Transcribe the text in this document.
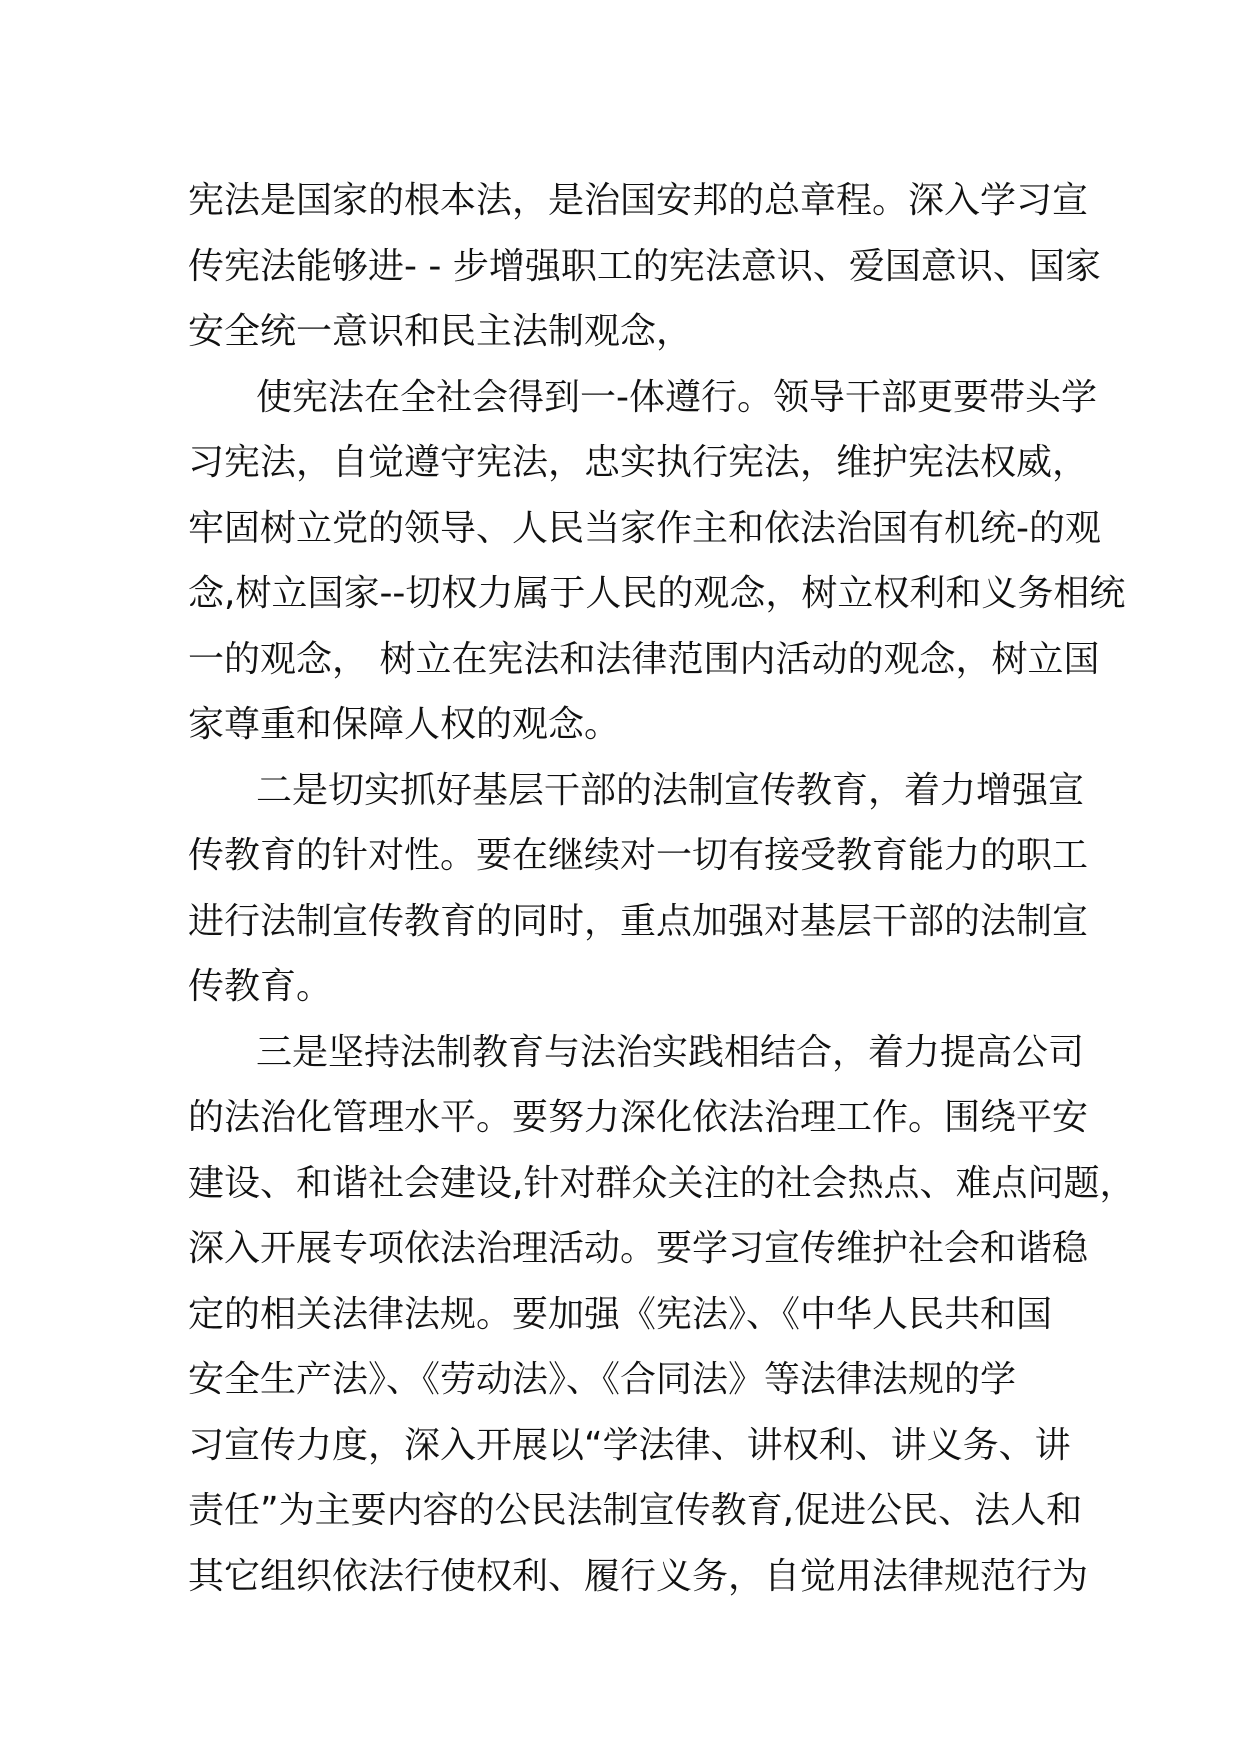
宪法是国家的根本法，是治国安邦的总章程。深入学习宣
传宪法能够进- - 步增强职工的宪法意识、爱国意识、国家
安全统一意识和民主法制观念，

使宪法在全社会得到一-体遵行。领导干部更要带头学
习宪法，自觉遵守宪法，忠实执行宪法，维护宪法权威，
牢固树立党的领导、人民当家作主和依法治国有机统-的观
念,树立国家--切权力属于人民的观念，树立权利和义务相统
一的观念， 树立在宪法和法律范围内活动的观念，树立国
家尊重和保障人权的观念。

二是切实抓好基层干部的法制宣传教育，着力增强宣
传教育的针对性。要在继续对一切有接受教育能力的职工
进行法制宣传教育的同时，重点加强对基层干部的法制宣
传教育。

三是坚持法制教育与法治实践相结合，着力提高公司
的法治化管理水平。要努力深化依法治理工作。围绕平安
建设、和谐社会建设,针对群众关注的社会热点、难点问题，
深入开展专项依法治理活动。要学习宣传维护社会和谐稳
定的相关法律法规。要加强《宪法》、《中华人民共和国
安全生产法》、《劳动法》、《合同法》等法律法规的学
习宣传力度，深入开展以“学法律、讲权利、讲义务、讲
责任”为主要内容的公民法制宣传教育,促进公民、法人和
其它组织依法行使权利、履行义务，自觉用法律规范行为
